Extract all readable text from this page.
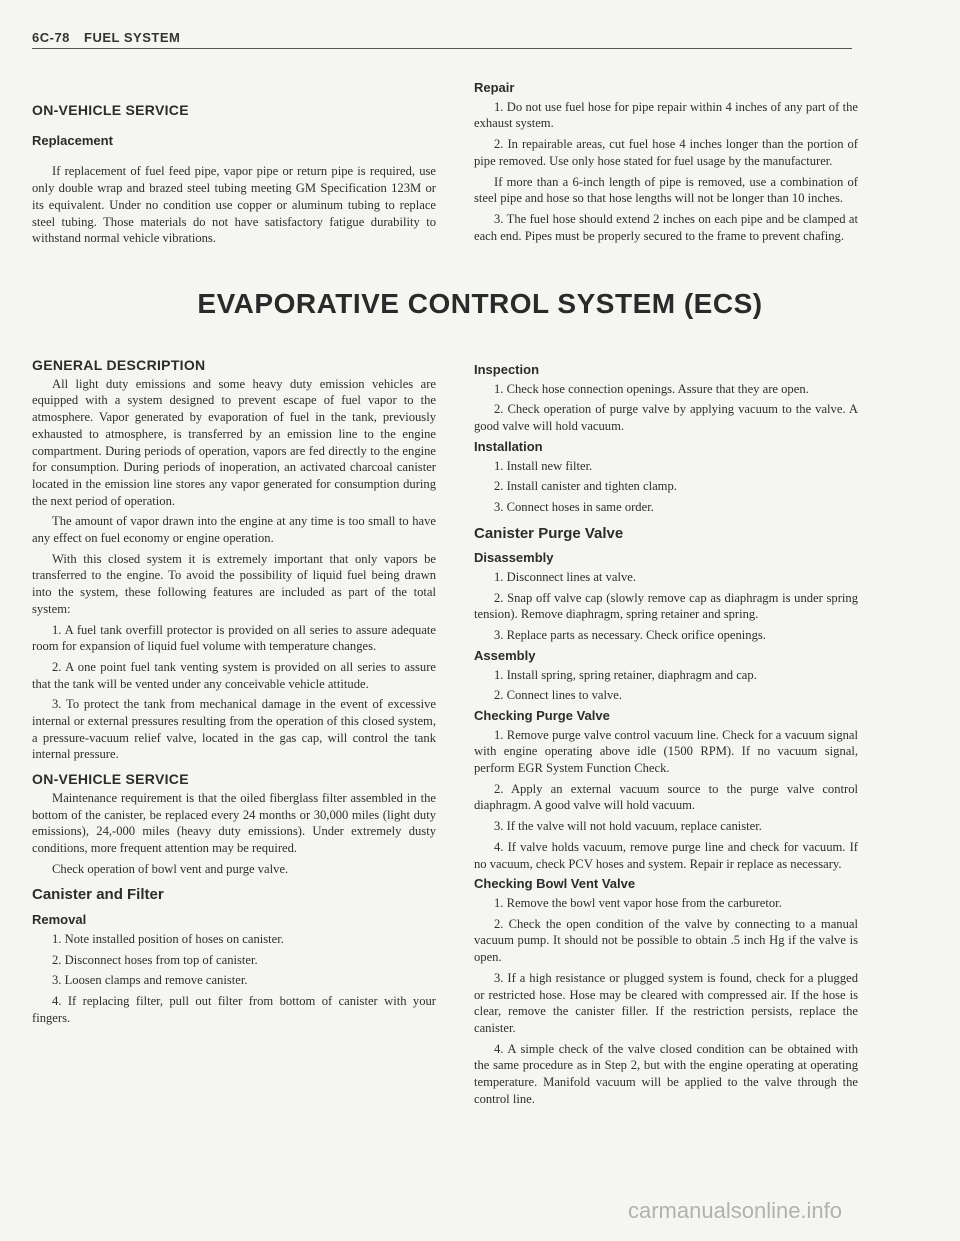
6C-78 FUEL SYSTEM
ON-VEHICLE SERVICE
Replacement

If replacement of fuel feed pipe, vapor pipe or return pipe is required, use only double wrap and brazed steel tubing meeting GM Specification 123M or its equivalent. Under no condition use copper or aluminum tubing to replace steel tubing. Those materials do not have satisfactory fatigue durability to withstand normal vehicle vibrations.

Repair

1. Do not use fuel hose for pipe repair within 4 inches of any part of the exhaust system.

2. In repairable areas, cut fuel hose 4 inches longer than the portion of pipe removed. Use only hose stated for fuel usage by the manufacturer.

If more than a 6-inch length of pipe is removed, use a combination of steel pipe and hose so that hose lengths will not be longer than 10 inches.

3. The fuel hose should extend 2 inches on each pipe and be clamped at each end. Pipes must be properly secured to the frame to prevent chafing.

EVAPORATIVE CONTROL SYSTEM (ECS)
GENERAL DESCRIPTION

All light duty emissions and some heavy duty emission vehicles are equipped with a system designed to prevent escape of fuel vapor to the atmosphere. Vapor generated by evaporation of fuel in the tank, previously exhausted to atmosphere, is transferred by an emission line to the engine compartment. During periods of operation, vapors are fed directly to the engine for consumption. During periods of inoperation, an activated charcoal canister located in the emission line stores any vapor generated for consumption during the next period of operation.

The amount of vapor drawn into the engine at any time is too small to have any effect on fuel economy or engine operation.

With this closed system it is extremely important that only vapors be transferred to the engine. To avoid the possibility of liquid fuel being drawn into the system, these following features are included as part of the total system:

1. A fuel tank overfill protector is provided on all series to assure adequate room for expansion of liquid fuel volume with temperature changes.

2. A one point fuel tank venting system is provided on all series to assure that the tank will be vented under any conceivable vehicle attitude.

3. To protect the tank from mechanical damage in the event of excessive internal or external pressures resulting from the operation of this closed system, a pressure-vacuum relief valve, located in the gas cap, will control the tank internal pressure.

ON-VEHICLE SERVICE

Maintenance requirement is that the oiled fiberglass filter assembled in the bottom of the canister, be replaced every 24 months or 30,000 miles (light duty emissions), 24,-000 miles (heavy duty emissions). Under extremely dusty conditions, more frequent attention may be required.

Check operation of bowl vent and purge valve.

Canister and Filter
Removal

1. Note installed position of hoses on canister.

2. Disconnect hoses from top of canister.

3. Loosen clamps and remove canister.

4. If replacing filter, pull out filter from bottom of canister with your fingers.

Inspection

1. Check hose connection openings. Assure that they are open.

2. Check operation of purge valve by applying vacuum to the valve. A good valve will hold vacuum.

Installation

1. Install new filter.

2. Install canister and tighten clamp.

3. Connect hoses in same order.

Canister Purge Valve
Disassembly

1. Disconnect lines at valve.

2. Snap off valve cap (slowly remove cap as diaphragm is under spring tension). Remove diaphragm, spring retainer and spring.

3. Replace parts as necessary. Check orifice openings.

Assembly

1. Install spring, spring retainer, diaphragm and cap.

2. Connect lines to valve.

Checking Purge Valve

1. Remove purge valve control vacuum line. Check for a vacuum signal with engine operating above idle (1500 RPM). If no vacuum signal, perform EGR System Function Check.

2. Apply an external vacuum source to the purge valve control diaphragm. A good valve will hold vacuum.

3. If the valve will not hold vacuum, replace canister.

4. If valve holds vacuum, remove purge line and check for vacuum. If no vacuum, check PCV hoses and system. Repair ir replace as necessary.

Checking Bowl Vent Valve

1. Remove the bowl vent vapor hose from the carburetor.

2. Check the open condition of the valve by connecting to a manual vacuum pump. It should not be possible to obtain .5 inch Hg if the valve is open.

3. If a high resistance or plugged system is found, check for a plugged or restricted hose. Hose may be cleared with compressed air. If the hose is clear, remove the canister filler. If the restriction persists, replace the canister.

4. A simple check of the valve closed condition can be obtained with the same procedure as in Step 2, but with the engine operating at operating temperature. Manifold vacuum will be applied to the valve through the control line.

carmanualsonline.info
